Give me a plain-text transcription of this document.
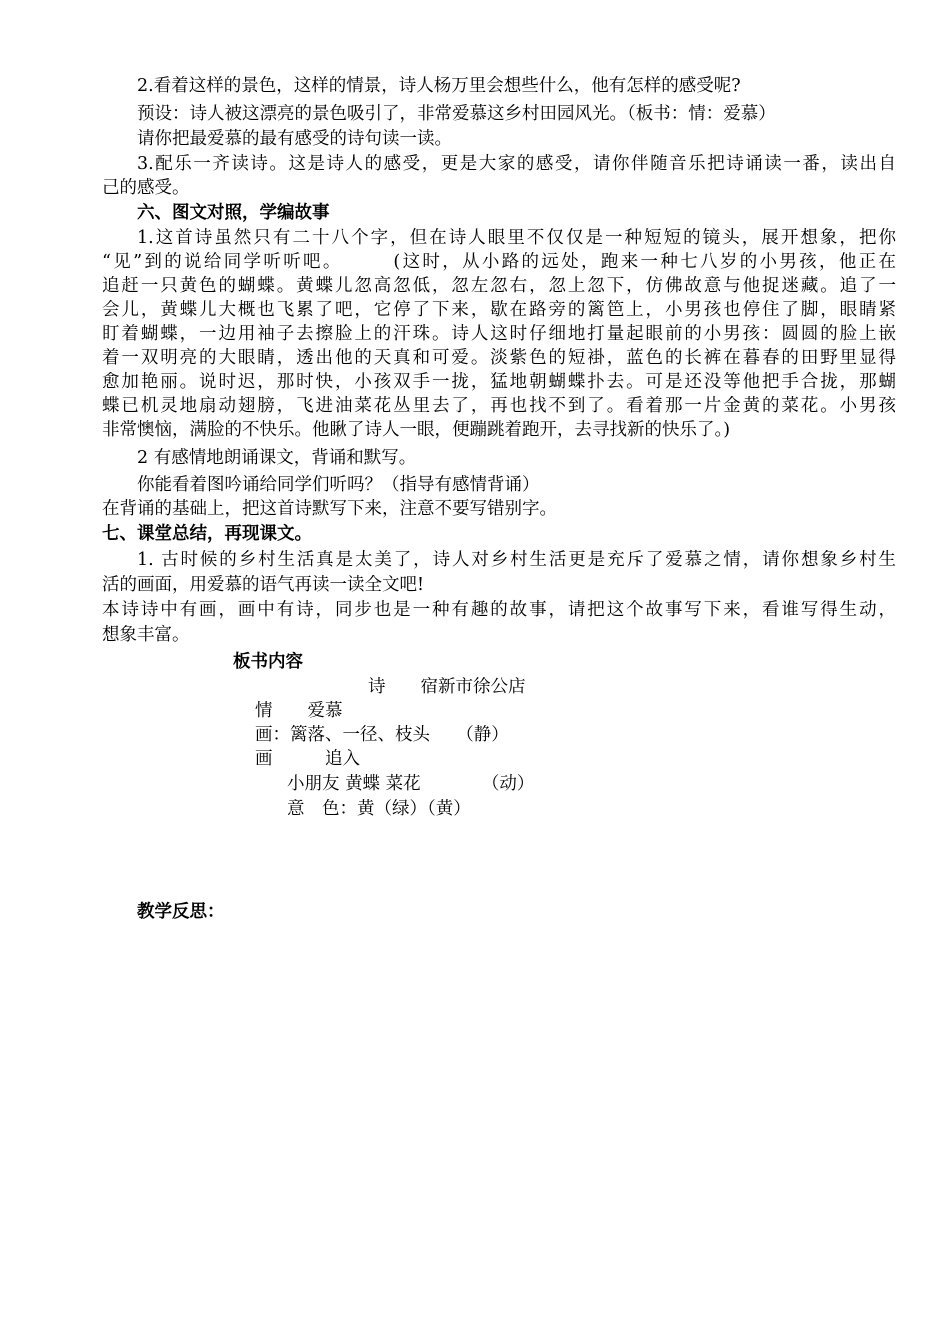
2.看着这样的景色，这样的情景，诗人杨万里会想些什么，他有怎样的感受呢?
预设：诗人被这漂亮的景色吸引了，非常爱慕这乡村田园风光。（板书：情：爱慕）
请你把最爱慕的最有感受的诗句读一读。
3.配乐一齐读诗。这是诗人的感受，更是大家的感受，请你伴随音乐把诗诵读一番，读出自
己的感受。
六、图文对照，学编故事
1.这首诗虽然只有二十八个字，但在诗人眼里不仅仅是一种短短的镜头，展开想象，把你
“见”到的说给同学听听吧。　　　(这时，从小路的远处，跑来一种七八岁的小男孩，他正在
追赶一只黄色的蝴蝶。黄蝶儿忽高忽低，忽左忽右，忽上忽下，仿佛故意与他捉迷藏。追了一
会儿，黄蝶儿大概也飞累了吧，它停了下来，歇在路旁的篱笆上，小男孩也停住了脚，眼睛紧
盯着蝴蝶，一边用袖子去擦脸上的汗珠。诗人这时仔细地打量起眼前的小男孩：圆圆的脸上嵌
着一双明亮的大眼睛，透出他的天真和可爱。淡紫色的短褂，蓝色的长裤在暮春的田野里显得
愈加艳丽。说时迟，那时快，小孩双手一拢，猛地朝蝴蝶扑去。可是还没等他把手合拢，那蝴
蝶已机灵地扇动翅膀，飞进油菜花丛里去了，再也找不到了。看着那一片金黄的菜花。小男孩
非常懊恼，满脸的不快乐。他瞅了诗人一眼，便蹦跳着跑开，去寻找新的快乐了。)
2 有感情地朗诵课文，背诵和默写。
你能看着图吟诵给同学们听吗？（指导有感情背诵）
在背诵的基础上，把这首诗默写下来，注意不要写错别字。
七、课堂总结，再现课文。
1. 古时候的乡村生活真是太美了，诗人对乡村生活更是充斥了爱慕之情，请你想象乡村生
活的画面，用爱慕的语气再读一读全文吧!
本诗诗中有画，画中有诗，同步也是一种有趣的故事，请把这个故事写下来，看谁写得生动，
想象丰富。
板书内容
诗　　宿新市徐公店
情　　爱慕
画：篱落、一径、枝头　　（静）
画　　　追入
小朋友 黄蝶 菜花　　　　（动）
意　色：黄（绿）（黄）
教学反思：
